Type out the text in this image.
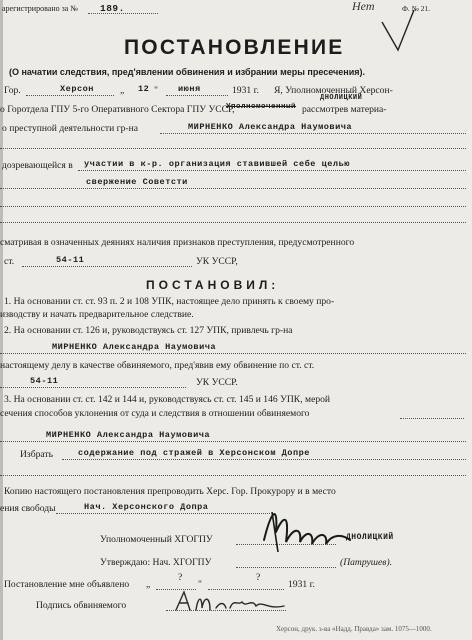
арегистрировано за № 189.	Нет	Ф. № 21.
ПОСТАНОВЛЕНИЕ
(О начатии следствия, пред'явлении обвинения и избрании меры пресечения).
Гор.	Херсон	„ 12 " июня	1931 г. Я, Уполномоченный Херсон-
ДНОЛИЦКИЙ
о Горотдела ГПУ 5-го Оперативного Сектора ГПУ УССР,
Уполномоченный рассмотрев материа-
о преступной деятельности гр-на	МИРНЕНКО Александра Наумовича
дозревающейся в участии в к-р. организация ставившей себе целью
свержение Советcти
сматривая в означенных деяниях наличия признаков преступления, предусмотренного
ст.	54-11	УК УССР,
ПОСТАНОВИЛ:
1. На основании ст. ст. 93 п. 2 и 108 УПК, настоящее дело принять к своему про-
изводству и начать предварительное следствие.
2. На основании ст. 126 и, руководствуясь ст. 127 УПК, привлечь гр-на
МИРНЕНКО Александра Наумовича
настоящему делу в качестве обвиняемого, пред'явив ему обвинение по ст. ст.
54-11	УК УССР.
3. На основании ст. ст. 142 и 144 и, руководствуясь ст. ст. 145 и 146 УПК, мерой
сечения способов уклонения от суда и следствия в отношении обвиняемого
МИРНЕНКО Александра Наумовича
Избрать	содержание под стражей в Херсонском Допре
Копию настоящего постановления препроводить Херс. Гор. Прокурору и в место
ения свободы	Нач. Херсонского Допра
Уполномоченный ХГОГПУ	ДНОЛИЦКИЙ
Утверждаю: Нач. ХГОГПУ	(Патрушев).
Постановление мне объявлено „
?
"
?
1931 г.
Подпись обвиняемого
Херсон, друк. з-ва «Надд. Правда» зам. 1075—1000.
